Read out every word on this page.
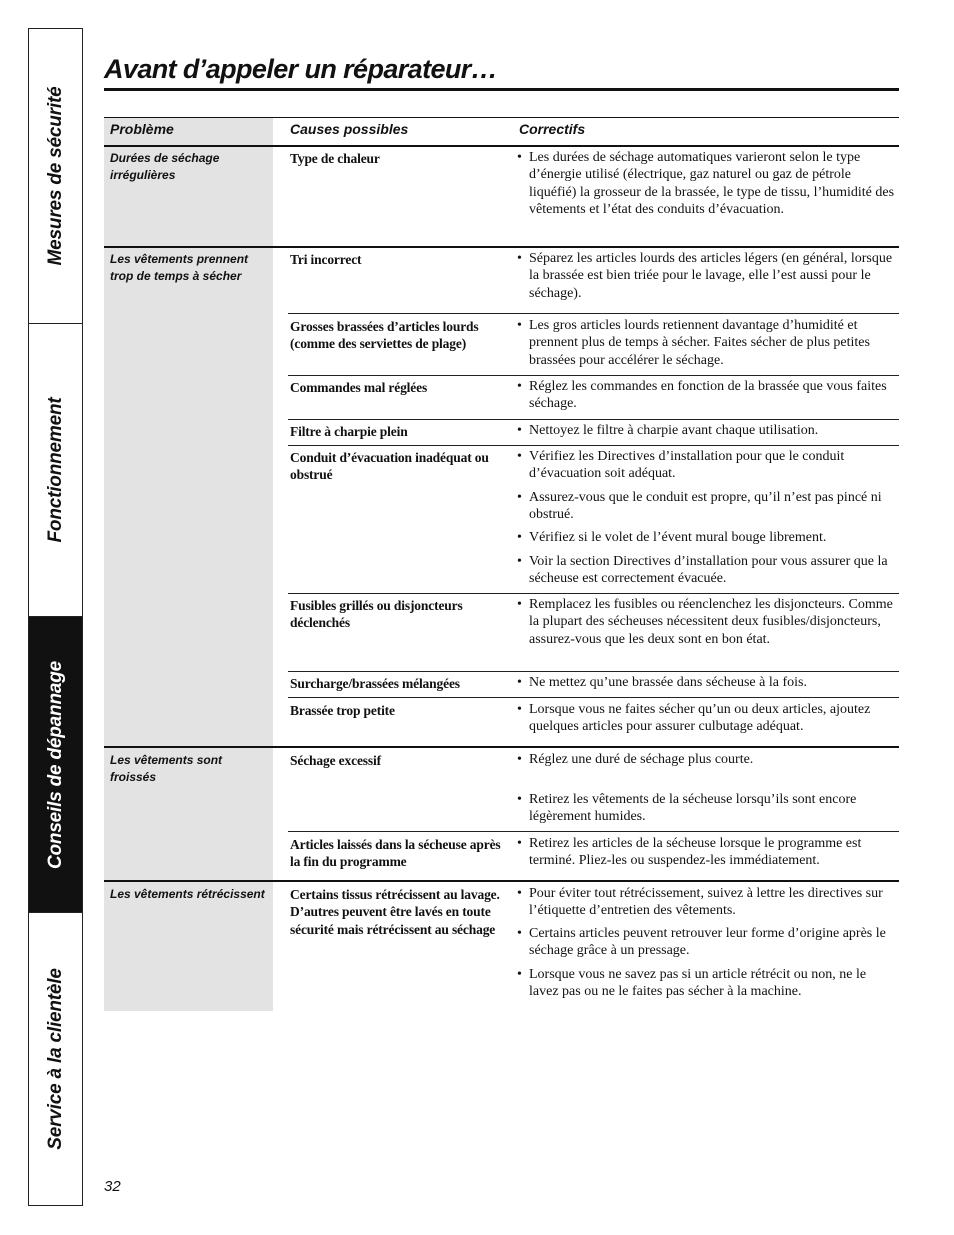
Mesures de sécurité
Fonctionnement
Conseils de dépannage
Service à la clientèle
Avant d’appeler un réparateur…
Problème	Causes possibles	Correctifs
Durées de séchage irrégulières
Les vêtements prennent trop de temps à sécher
Les vêtements sont froissés
Les vêtements rétrécissent
Type de chaleur
Tri incorrect
Grosses brassées d’articles lourds (comme des serviettes de plage)
Commandes mal réglées
Filtre à charpie plein
Conduit d’évacuation inadéquat ou obstrué
Fusibles grillés ou disjoncteurs déclenchés
Surcharge/brassées mélangées
Brassée trop petite
Séchage excessif
Articles laissés dans la sécheuse après la fin du programme
Certains tissus rétrécissent au lavage. D’autres peuvent être lavés en toute sécurité mais rétrécissent au séchage
• Les durées de séchage automatiques varieront selon le type d’énergie utilisé (électrique, gaz naturel ou gaz de pétrole liquéfié) la grosseur de la brassée, le type de tissu, l’humidité des vêtements et l’état des conduits d’évacuation.
• Séparez les articles lourds des articles légers (en général, lorsque la brassée est bien triée pour le lavage, elle l’est aussi pour le séchage).
• Les gros articles lourds retiennent davantage d’humidité et prennent plus de temps à sécher. Faites sécher de plus petites brassées pour accélérer le séchage.
• Réglez les commandes en fonction de la brassée que vous faites séchage.
• Nettoyez le filtre à charpie avant chaque utilisation.
• Vérifiez les Directives d’installation pour que le conduit d’évacuation soit adéquat.
• Assurez-vous que le conduit est propre, qu’il n’est pas pincé ni obstrué.
• Vérifiez si le volet de l’évent mural bouge librement.
• Voir la section Directives d’installation pour vous assurer que la sécheuse est correctement évacuée.
• Remplacez les fusibles ou réenclenchez les disjoncteurs. Comme la plupart des sécheuses nécessitent deux fusibles/disjoncteurs, assurez-vous que les deux sont en bon état.
• Ne mettez qu’une brassée dans sécheuse à la fois.
• Lorsque vous ne faites sécher qu’un ou deux articles, ajoutez quelques articles pour assurer culbutage adéquat.
• Réglez une duré de séchage plus courte.
• Retirez les vêtements de la sécheuse lorsqu’ils sont encore légèrement humides.
• Retirez les articles de la sécheuse lorsque le programme est terminé. Pliez-les ou suspendez-les immédiatement.
• Pour éviter tout rétrécissement, suivez à lettre les directives sur l’étiquette d’entretien des vêtements.
• Certains articles peuvent retrouver leur forme d’origine après le séchage grâce à un pressage.
• Lorsque vous ne savez pas si un article rétrécit ou non, ne le lavez pas ou ne le faites pas sécher à la machine.
32
